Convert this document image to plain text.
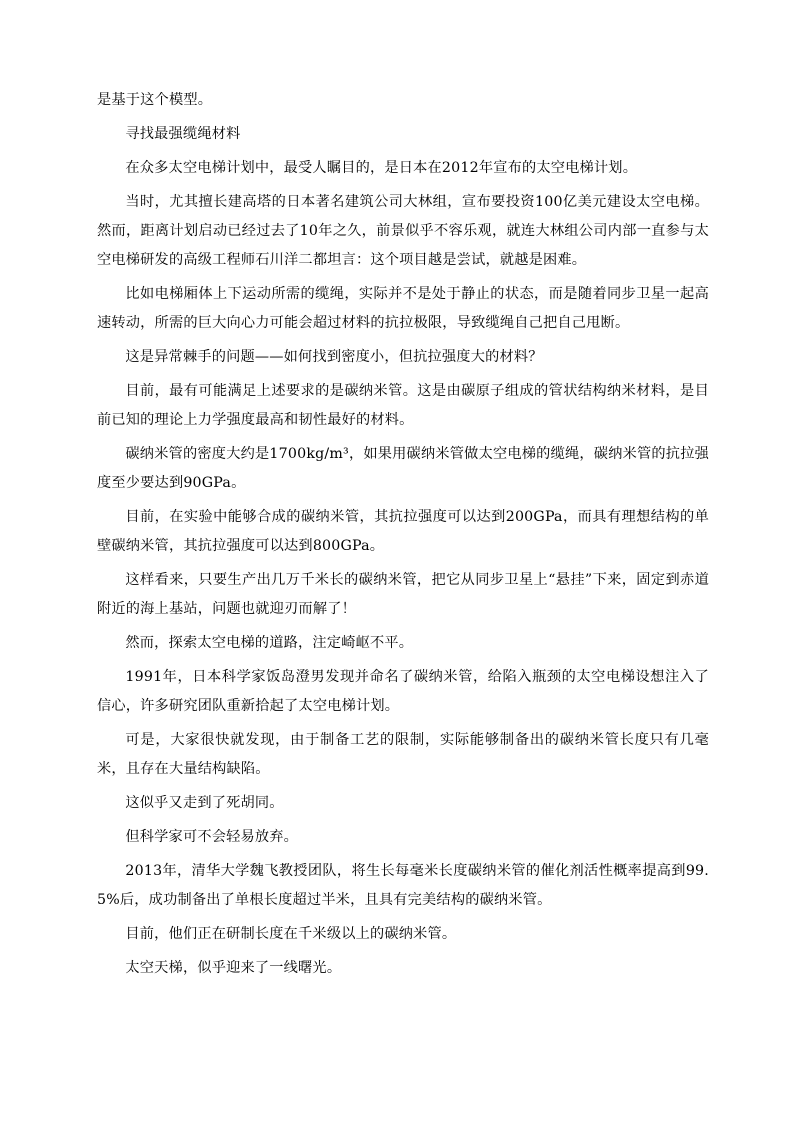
是基于这个模型。

寻找最强缆绳材料

在众多太空电梯计划中，最受人瞩目的，是日本在2012年宣布的太空电梯计划。

当时，尤其擅长建高塔的日本著名建筑公司大林组，宣布要投资100亿美元建设太空电梯。然而，距离计划启动已经过去了10年之久，前景似乎不容乐观，就连大林组公司内部一直参与太空电梯研发的高级工程师石川洋二都坦言：这个项目越是尝试，就越是困难。

比如电梯厢体上下运动所需的缆绳，实际并不是处于静止的状态，而是随着同步卫星一起高速转动，所需的巨大向心力可能会超过材料的抗拉极限，导致缆绳自己把自己甩断。

这是异常棘手的问题——如何找到密度小，但抗拉强度大的材料？

目前，最有可能满足上述要求的是碳纳米管。这是由碳原子组成的管状结构纳米材料，是目前已知的理论上力学强度最高和韧性最好的材料。

碳纳米管的密度大约是1700kg/m³，如果用碳纳米管做太空电梯的缆绳，碳纳米管的抗拉强度至少要达到90GPa。

目前，在实验中能够合成的碳纳米管，其抗拉强度可以达到200GPa，而具有理想结构的单壁碳纳米管，其抗拉强度可以达到800GPa。

这样看来，只要生产出几万千米长的碳纳米管，把它从同步卫星上“悬挂”下来，固定到赤道附近的海上基站，问题也就迎刃而解了！

然而，探索太空电梯的道路，注定崎岖不平。

1991年，日本科学家饭岛澄男发现并命名了碳纳米管，给陷入瓶颈的太空电梯设想注入了信心，许多研究团队重新拾起了太空电梯计划。

可是，大家很快就发现，由于制备工艺的限制，实际能够制备出的碳纳米管长度只有几毫米，且存在大量结构缺陷。

这似乎又走到了死胡同。

但科学家可不会轻易放弃。

2013年，清华大学魏飞教授团队，将生长每毫米长度碳纳米管的催化剂活性概率提高到99.5%后，成功制备出了单根长度超过半米，且具有完美结构的碳纳米管。

目前，他们正在研制长度在千米级以上的碳纳米管。

太空天梯，似乎迎来了一线曙光。
